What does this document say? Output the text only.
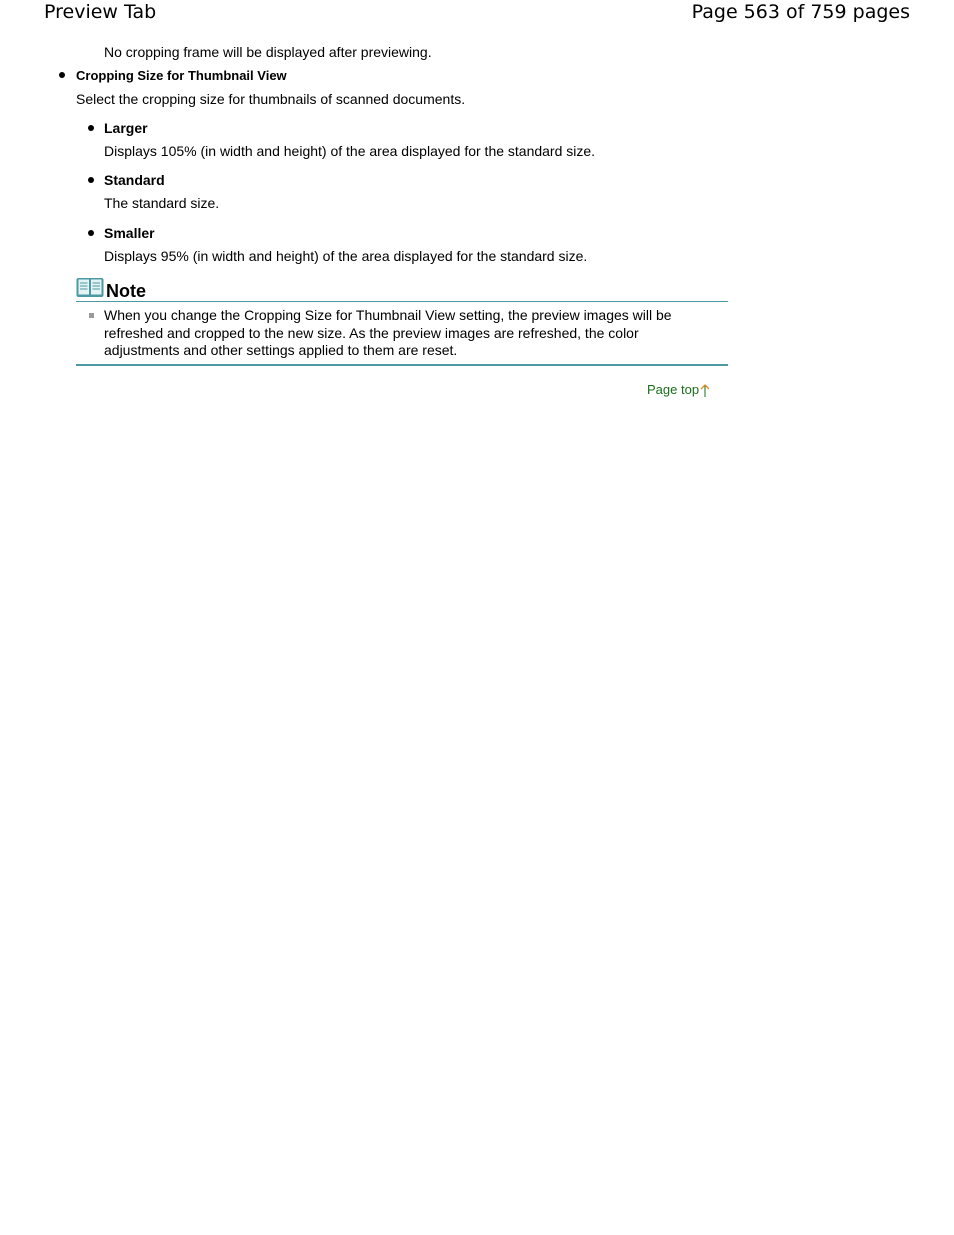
Preview Tab	Page 563 of 759 pages
No cropping frame will be displayed after previewing.
Cropping Size for Thumbnail View
Select the cropping size for thumbnails of scanned documents.
Larger
Displays 105% (in width and height) of the area displayed for the standard size.
Standard
The standard size.
Smaller
Displays 95% (in width and height) of the area displayed for the standard size.
Note
When you change the Cropping Size for Thumbnail View setting, the preview images will be refreshed and cropped to the new size. As the preview images are refreshed, the color adjustments and other settings applied to them are reset.
Page top
